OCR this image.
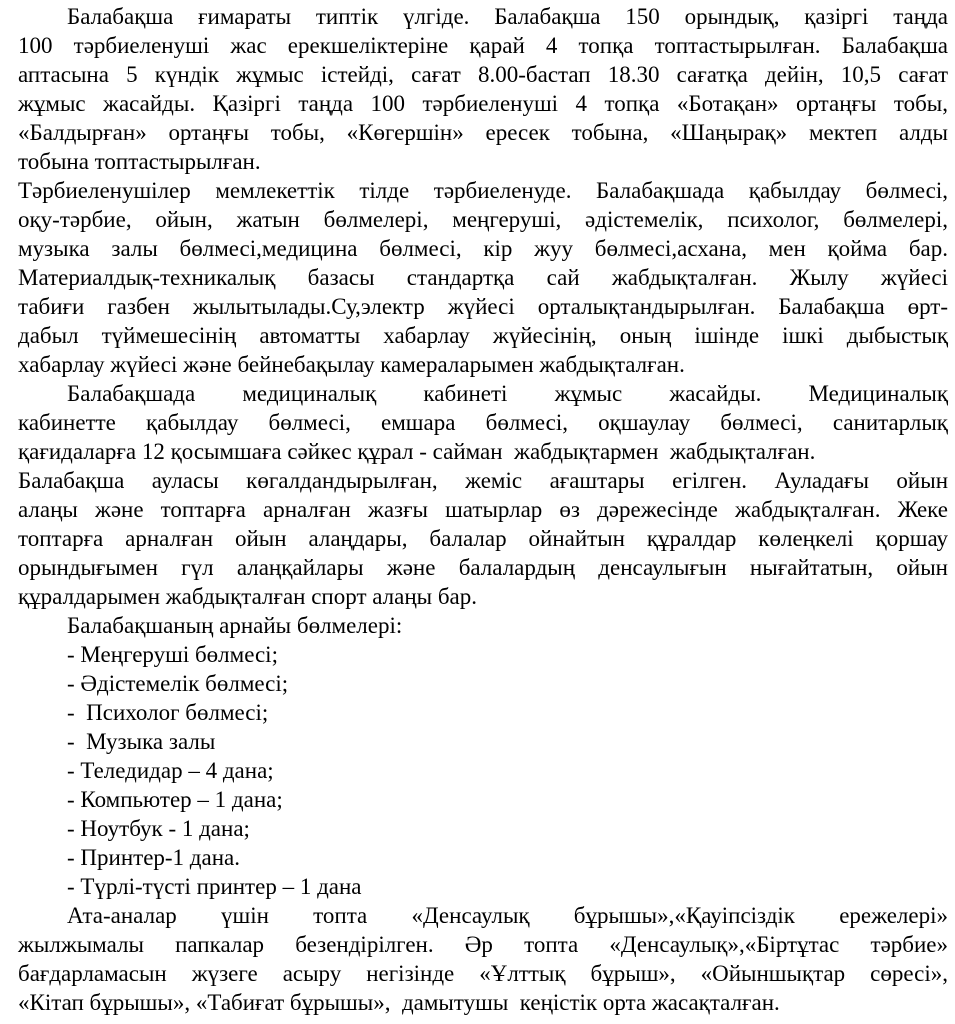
Балабақша ғимараты типтік үлгіде. Балабақша 150 орындық, қазіргі таңда
100 тәрбиеленуші жас ерекшеліктеріне қарай 4 топқа топтастырылған. Балабақша
аптасына 5 күндік жұмыс істейді, сағат 8.00-бастап 18.30 сағатқа дейін, 10,5 сағат
жұмыс жасайды. Қазіргі таңда 100 тәрбиеленуші 4 топқа «Ботақан» ортаңғы тобы,
«Балдырған» ортаңғы тобы, «Көгершін» ересек тобына, «Шаңырақ» мектеп алды
тобына топтастырылған.
Тәрбиеленушілер мемлекеттік тілде тәрбиеленуде. Балабақшада қабылдау бөлмесі,
оқу-тәрбие, ойын, жатын бөлмелері, меңгеруші, әдістемелік, психолог, бөлмелері,
музыка залы бөлмесі,медицина бөлмесі, кір жуу бөлмесі,асхана, мен қойма бар.
Материалдық-техникалық базасы стандартқа сай жабдықталған. Жылу жүйесі
табиғи газбен жылытылады.Су,электр жүйесі орталықтандырылған. Балабақша өрт-
дабыл түймешесінің автоматты хабарлау жүйесінің, оның ішінде ішкі дыбыстық
хабарлау жүйесі және бейнебақылау камераларымен жабдықталған.
Балабақшада медициналық кабинеті жұмыс жасайды. Медициналық
кабинетте қабылдау бөлмесі, емшара бөлмесі, оқшаулау бөлмесі, санитарлық
қағидаларға 12 қосымшаға сәйкес құрал - сайман  жабдықтармен  жабдықталған.
Балабақша ауласы көгалдандырылған, жеміс ағаштары егілген. Ауладағы ойын
алаңы және топтарға арналған жазғы шатырлар өз дәрежесінде жабдықталған. Жеке
топтарға арналған ойын алаңдары, балалар ойнайтын құралдар көлеңкелі қоршау
орындығымен гүл алаңқайлары және балалардың денсаулығын нығайтатын, ойын
құралдарымен жабдықталған спорт алаңы бар.
Балабақшаның арнайы бөлмелері:
- Меңгеруші бөлмесі;
- Әдістемелік бөлмесі;
-  Психолог бөлмесі;
-  Музыка залы
- Теледидар – 4 дана;
- Компьютер – 1 дана;
- Ноутбук - 1 дана;
- Принтер-1 дана.
- Түрлі-түсті принтер – 1 дана
Ата-аналар үшін топта «Денсаулық бұрышы»,«Қауіпсіздік ережелері»
жылжымалы папкалар безендірілген. Әр топта «Денсаулық»,«Біртұтас тәрбие»
бағдарламасын жүзеге асыру негізінде «Ұлттық бұрыш», «Ойыншықтар сөресі»,
«Кітап бұрышы», «Табиғат бұрышы»,  дамытушы  кеңістік орта жасақталған.
